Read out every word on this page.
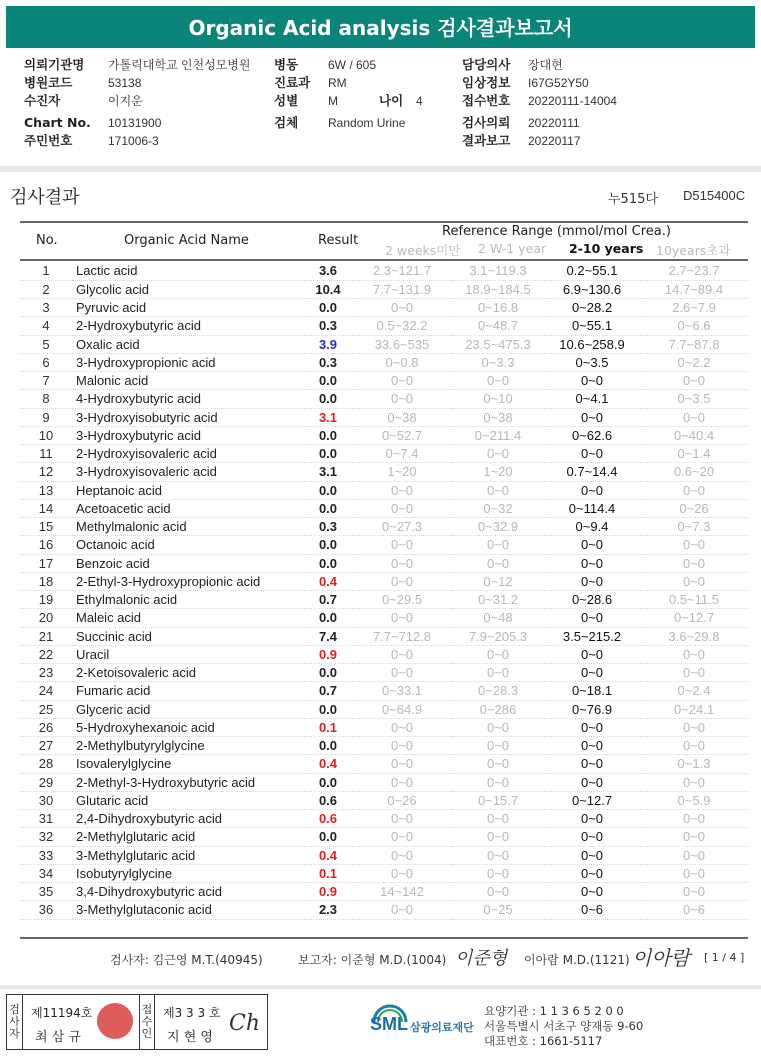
Organic Acid analysis 검사결과보고서
의뢰기관명 가톨릭대학교 인천성모병원
병원코드	53138
수진자	이지운
Chart No. 10131900
주민번호	171006-3
병동 6W / 605
진료과 RM
성별 M
검체 Random Urine
담당의사 장대현
임상정보 I67G52Y50
접수번호 20220111-14004
검사의뢰 20220111
결과보고 20220117
나이 4
검사결과	누515다 D515400C
No.	Organic Acid Name	Result
Reference Range (mmol/mol Crea.)
2 weeks미만 2 W-1 year 2-10 years 10years초과
1	Lactic acid	3.6	2.3~121.7	3.1~119.3	0.2~55.1	2.7~23.7
2	Glycolic acid	10.4	7.7~131.9	18.9~184.5	6.9~130.6	14.7~89.4
3	Pyruvic acid	0.0	0~0	0~16.8	0~28.2	2.6~7.9
4	2-Hydroxybutyric acid	0.3	0.5~32.2	0~48.7	0~55.1	0~6.6
5	Oxalic acid	3.9	33.6~535	23.5~475.3	10.6~258.9	7.7~87.8
6	3-Hydroxypropionic acid	0.3	0~0.8	0~3.3	0~3.5	0~2.2
7	Malonic acid	0.0	0~0	0~0	0~0	0~0
8	4-Hydroxybutyric acid	0.0	0~0	0~10	0~4.1	0~3.5
9	3-Hydroxyisobutyric acid	3.1	0~38	0~38	0~0	0~0
10	3-Hydroxybutyric acid	0.0	0~52.7	0~211.4	0~62.6	0~40.4
11	2-Hydroxyisovaleric acid	0.0	0~7.4	0~0	0~0	0~1.4
12	3-Hydroxyisovaleric acid	3.1	1~20	1~20	0.7~14.4	0.6~20
13	Heptanoic acid	0.0	0~0	0~0	0~0	0~0
14	Acetoacetic acid	0.0	0~0	0~32	0~114.4	0~26
15	Methylmalonic acid	0.3	0~27.3	0~32.9	0~9.4	0~7.3
16	Octanoic acid	0.0	0~0	0~0	0~0	0~0
17	Benzoic acid	0.0	0~0	0~0	0~0	0~0
18	2-Ethyl-3-Hydroxypropionic acid	0.4	0~0	0~12	0~0	0~0
19	Ethylmalonic acid	0.7	0~29.5	0~31.2	0~28.6	0.5~11.5
20	Maleic acid	0.0	0~0	0~48	0~0	0~12.7
21	Succinic acid	7.4	7.7~712.8	7.9~205.3	3.5~215.2	3.6~29.8
22	Uracil	0.9	0~0	0~0	0~0	0~0
23	2-Ketoisovaleric acid	0.0	0~0	0~0	0~0	0~0
24	Fumaric acid	0.7	0~33.1	0~28.3	0~18.1	0~2.4
25	Glyceric acid	0.0	0~64.9	0~286	0~76.9	0~24.1
26	5-Hydroxyhexanoic acid	0.1	0~0	0~0	0~0	0~0
27	2-Methylbutyrylglycine	0.0	0~0	0~0	0~0	0~0
28	Isovalerylglycine	0.4	0~0	0~0	0~0	0~1.3
29	2-Methyl-3-Hydroxybutyric acid	0.0	0~0	0~0	0~0	0~0
30	Glutaric acid	0.6	0~26	0~15.7	0~12.7	0~5.9
31	2,4-Dihydroxybutyric acid	0.6	0~0	0~0	0~0	0~0
32	2-Methylglutaric acid	0.0	0~0	0~0	0~0	0~0
33	3-Methylglutaric acid	0.4	0~0	0~0	0~0	0~0
34	Isobutyrylglycine	0.1	0~0	0~0	0~0	0~0
35	3,4-Dihydroxybutyric acid	0.9	14~142	0~0	0~0	0~0
36	3-Methylglutaconic acid	2.3	0~0	0~25	0~6	0~6
검사자: 김근영 M.T.(40945)	보고자: 이준형 M.D.(1004) 이준형 이아람 M.D.(1121) 이아람 [ 1 / 4 ]
검사자
제11194호
최 삼 규
접수인
제3 3 3 호
지 현 영
Ch	SML 삼광의료재단
요양기관 : 1 1 3 6 5 2 0 0
서울특별시 서초구 양재동 9-60
대표번호 : 1661-5117
